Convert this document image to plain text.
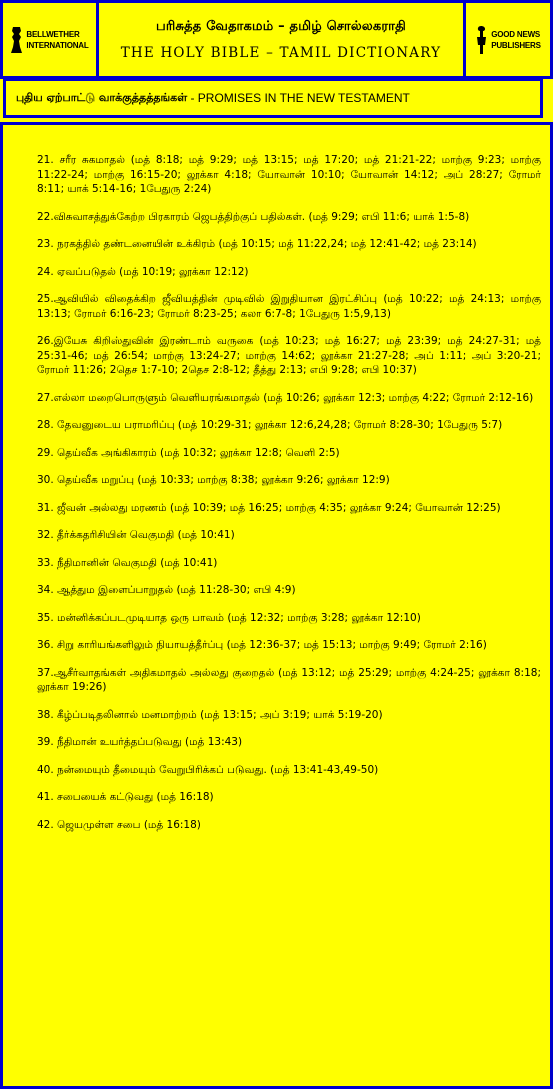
BELLWETHER
INTERNATIONAL
பரிசுத்த வேதாகமம் – தமிழ் சொல்லகராதி
THE HOLY BIBLE – TAMIL DICTIONARY
GOOD NEWS
PUBLISHERS
புதிய ஏற்பாட்டு வாக்குத்தத்தங்கள் - PROMISES IN THE NEW TESTAMENT
21. சரீர சுகமாதல் (மத் 8:18; மத் 9:29; மத் 13:15; மத் 17:20; மத் 21:21-22; மாற்கு 9:23; மாற்கு 11:22-24; மாற்கு 16:15-20; லூக்கா 4:18; யோவான் 10:10; யோவான் 14:12; அப் 28:27; ரோமர் 8:11; யாக் 5:14-16; 1பேதுரு 2:24)
22.விசுவாசத்துக்கேற்ற பிரகாரம் ஜெபத்திற்குப் பதில்கள். (மத் 9:29; எபி 11:6; யாக் 1:5-8)
23. நரகத்தில் தண்டனையின் உக்கிரம் (மத் 10:15; மத் 11:22,24; மத் 12:41-42; மத் 23:14)
24. ஏவப்படுதல் (மத் 10:19; லூக்கா 12:12)
25.ஆவியில் விதைக்கிற ஜீவியத்தின் முடிவில் இறுதியான இரட்சிப்பு (மத் 10:22; மத் 24:13; மாற்கு 13:13; ரோமர் 6:16-23; ரோமர் 8:23-25; கலா 6:7-8; 1பேதுரு 1:5,9,13)
26.இயேசு கிறிஸ்துவின் இரண்டாம் வருகை (மத் 10:23; மத் 16:27; மத் 23:39; மத் 24:27-31; மத் 25:31-46; மத் 26:54; மாற்கு 13:24-27; மாற்கு 14:62; லூக்கா 21:27-28; அப் 1:11; அப் 3:20-21; ரோமர் 11:26; 2தெச 1:7-10; 2தெச 2:8-12; தீத்து 2:13; எபி 9:28; எபி 10:37)
27.எல்லா மறைபொருளும் வெளியரங்கமாதல் (மத் 10:26; லூக்கா 12:3; மாற்கு 4:22; ரோமர் 2:12-16)
28. தேவனுடைய பராமரிப்பு (மத் 10:29-31; லூக்கா 12:6,24,28; ரோமர் 8:28-30; 1பேதுரு 5:7)
29. தெய்வீக அங்கிகாரம் (மத் 10:32; லூக்கா 12:8; வெளி 2:5)
30. தெய்வீக மறுப்பு (மத் 10:33; மாற்கு 8:38; லூக்கா 9:26; லூக்கா 12:9)
31. ஜீவன் அல்லது மரணம் (மத் 10:39; மத் 16:25; மாற்கு 4:35; லூக்கா 9:24; யோவான் 12:25)
32. தீர்க்கதரிசியின் வெகுமதி (மத் 10:41)
33. நீதிமானின் வெகுமதி (மத் 10:41)
34. ஆத்தும இளைப்பாறுதல் (மத் 11:28-30; எபி 4:9)
35. மன்னிக்கப்படமுடியாத ஒரு பாவம் (மத் 12:32; மாற்கு 3:28; லூக்கா 12:10)
36. சிறு காரியங்களிலும் நியாயத்தீர்ப்பு (மத் 12:36-37; மத் 15:13; மாற்கு 9:49; ரோமர் 2:16)
37.ஆசீர்வாதங்கள் அதிகமாதல் அல்லது குறைதல் (மத் 13:12; மத் 25:29; மாற்கு 4:24-25; லூக்கா 8:18; லூக்கா 19:26)
38. கீழ்ப்படிதலினால் மனமாற்றம் (மத் 13:15; அப் 3:19; யாக் 5:19-20)
39. நீதிமான் உயர்த்தப்படுவது (மத் 13:43)
40. நன்மையும் தீமையும் வேறுபிரிக்கப் படுவது. (மத் 13:41-43,49-50)
41. சபையைக் கட்டுவது (மத் 16:18)
42. ஜெயமுள்ள சபை (மத் 16:18)
